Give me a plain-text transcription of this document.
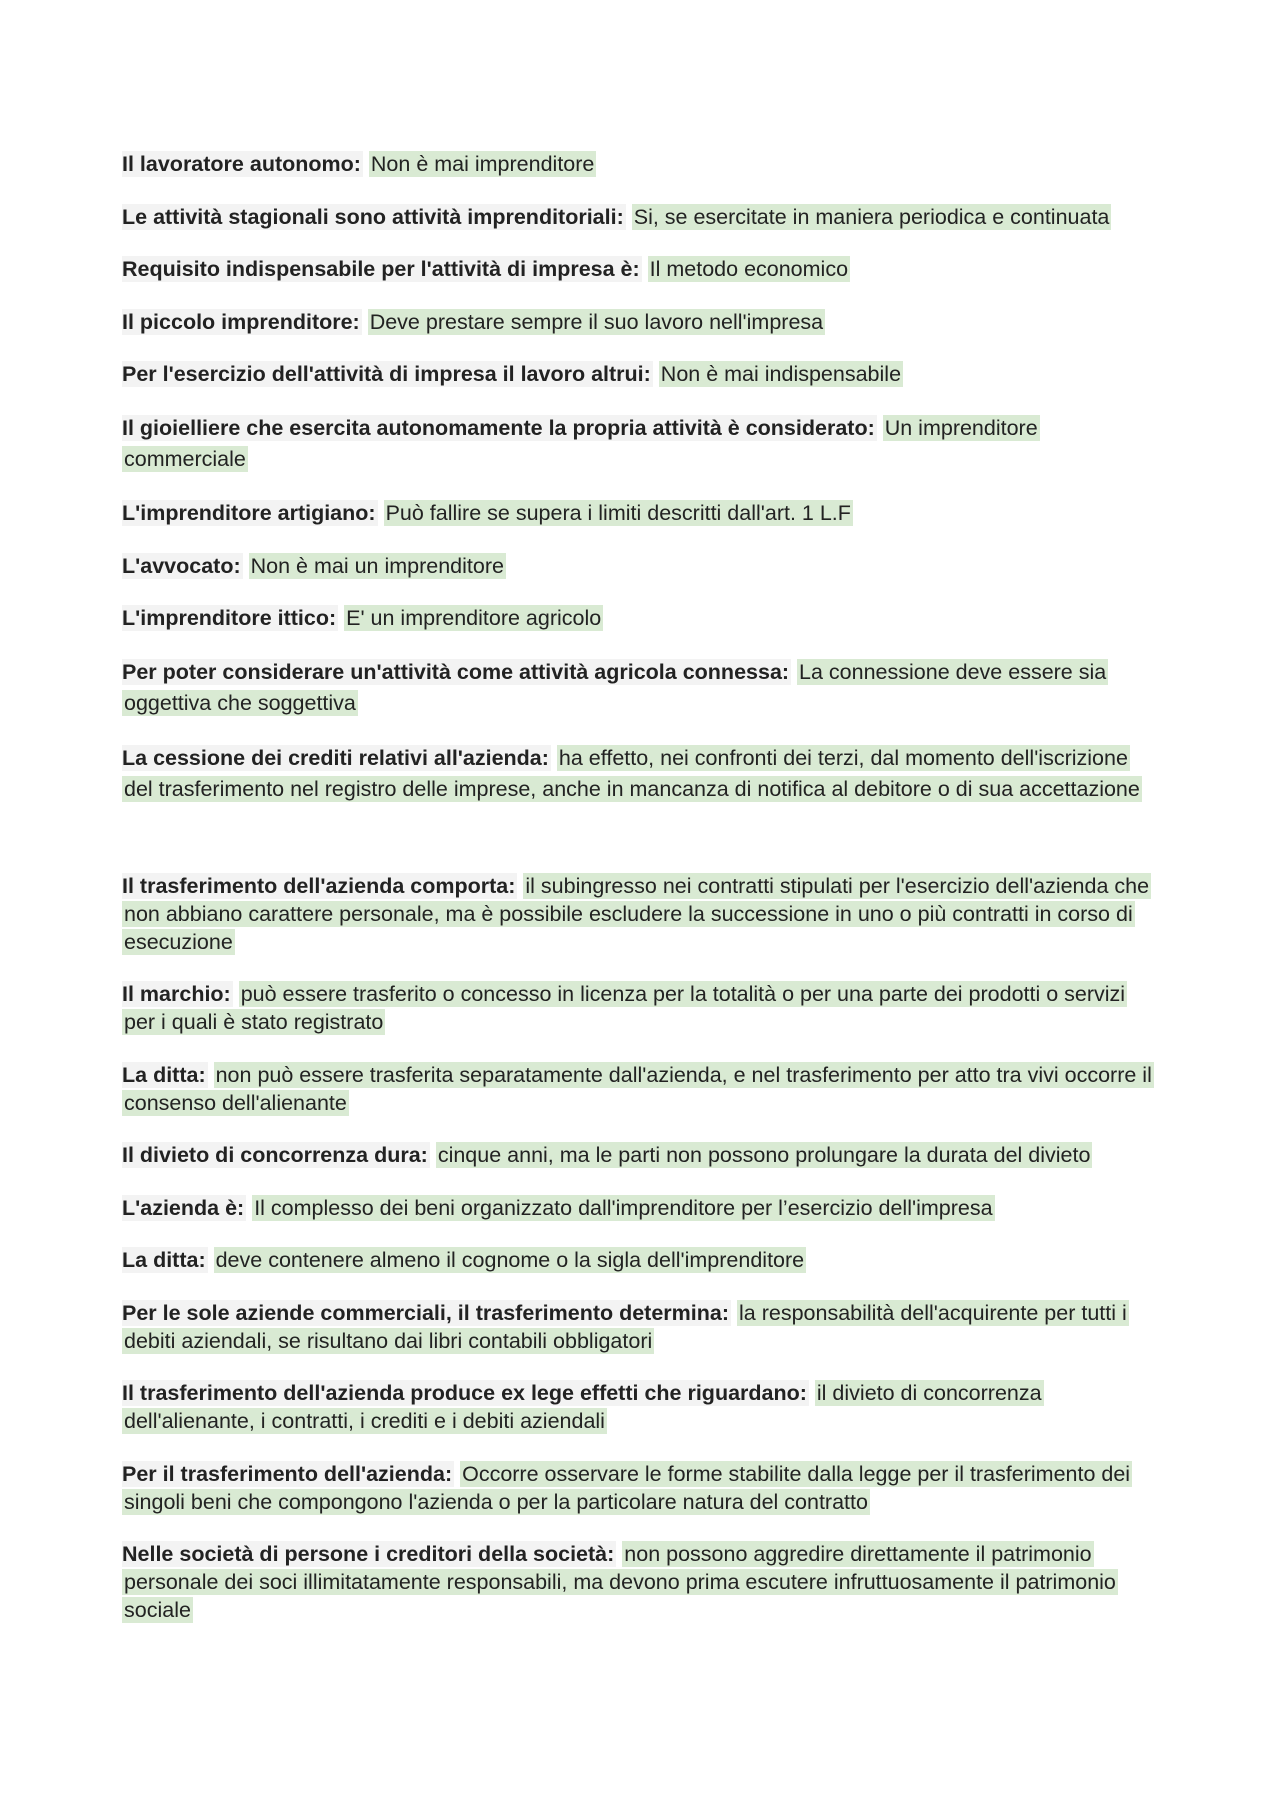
Il lavoratore autonomo: Non è mai imprenditore

Le attività stagionali sono attività imprenditoriali: Si, se esercitate in maniera periodica e continuata

Requisito indispensabile per l'attività di impresa è: Il metodo economico

Il piccolo imprenditore: Deve prestare sempre il suo lavoro nell'impresa

Per l'esercizio dell'attività di impresa il lavoro altrui: Non è mai indispensabile

Il gioielliere che esercita autonomamente la propria attività è considerato: Un imprenditore commerciale

L'imprenditore artigiano: Può fallire se supera i limiti descritti dall'art. 1 L.F

L'avvocato: Non è mai un imprenditore

L'imprenditore ittico: E' un imprenditore agricolo

Per poter considerare un'attività come attività agricola connessa: La connessione deve essere sia oggettiva che soggettiva

La cessione dei crediti relativi all'azienda: ha effetto, nei confronti dei terzi, dal momento dell'iscrizione del trasferimento nel registro delle imprese, anche in mancanza di notifica al debitore o di sua accettazione

Il trasferimento dell'azienda comporta: il subingresso nei contratti stipulati per l'esercizio dell'azienda che non abbiano carattere personale, ma è possibile escludere la successione in uno o più contratti in corso di esecuzione

Il marchio: può essere trasferito o concesso in licenza per la totalità o per una parte dei prodotti o servizi per i quali è stato registrato

La ditta: non può essere trasferita separatamente dall'azienda, e nel trasferimento per atto tra vivi occorre il consenso dell'alienante

Il divieto di concorrenza dura: cinque anni, ma le parti non possono prolungare la durata del divieto

L'azienda è: Il complesso dei beni organizzato dall'imprenditore per l’esercizio dell'impresa

La ditta: deve contenere almeno il cognome o la sigla dell'imprenditore

Per le sole aziende commerciali, il trasferimento determina: la responsabilità dell'acquirente per tutti i debiti aziendali, se risultano dai libri contabili obbligatori

Il trasferimento dell'azienda produce ex lege effetti che riguardano: il divieto di concorrenza dell'alienante, i contratti, i crediti e i debiti aziendali

Per il trasferimento dell'azienda: Occorre osservare le forme stabilite dalla legge per il trasferimento dei singoli beni che compongono l'azienda o per la particolare natura del contratto

Nelle società di persone i creditori della società: non possono aggredire direttamente il patrimonio personale dei soci illimitatamente responsabili, ma devono prima escutere infruttuosamente il patrimonio sociale
